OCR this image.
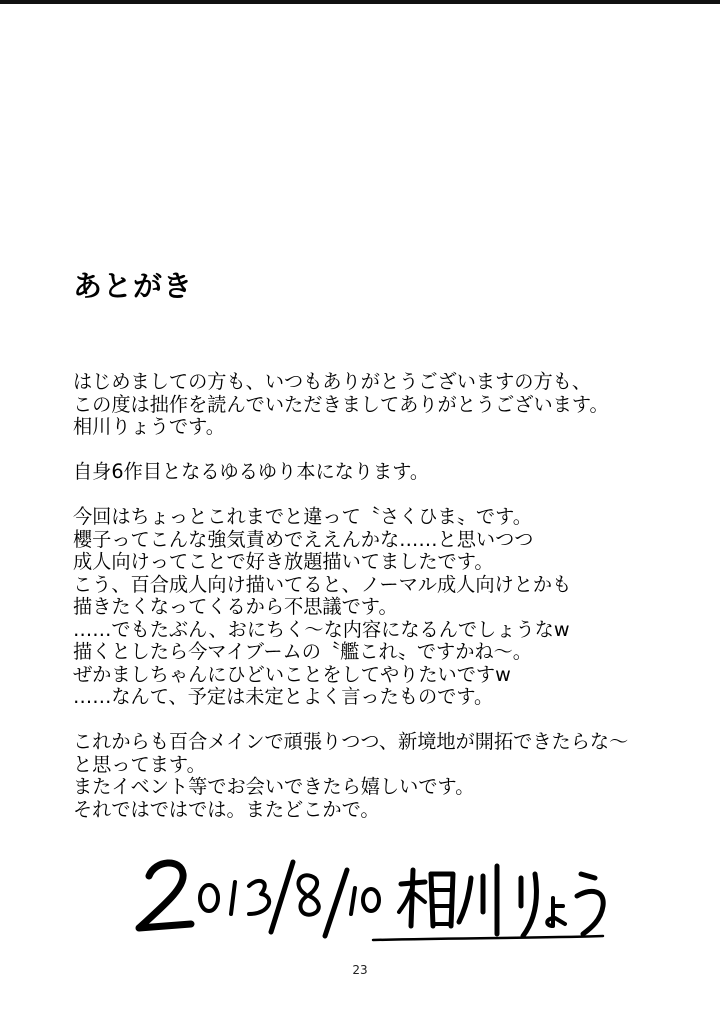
あとがき

はじめましての方も、いつもありがとうございますの方も、
この度は拙作を読んでいただきましてありがとうございます。
相川りょうです。

自身6作目となるゆるゆり本になります。

今回はちょっとこれまでと違って〝さくひま〟です。
櫻子ってこんな強気責めでええんかな……と思いつつ
成人向けってことで好き放題描いてましたです。
こう、百合成人向け描いてると、ノーマル成人向けとかも
描きたくなってくるから不思議です。
……でもたぶん、おにちく～な内容になるんでしょうなw
描くとしたら今マイブームの〝艦これ〟ですかね～。
ぜかましちゃんにひどいことをしてやりたいですw
……なんて、予定は未定とよく言ったものです。

これからも百合メインで頑張りつつ、新境地が開拓できたらな～
と思ってます。
またイベント等でお会いできたら嬉しいです。
それではではでは。またどこかで。

23
